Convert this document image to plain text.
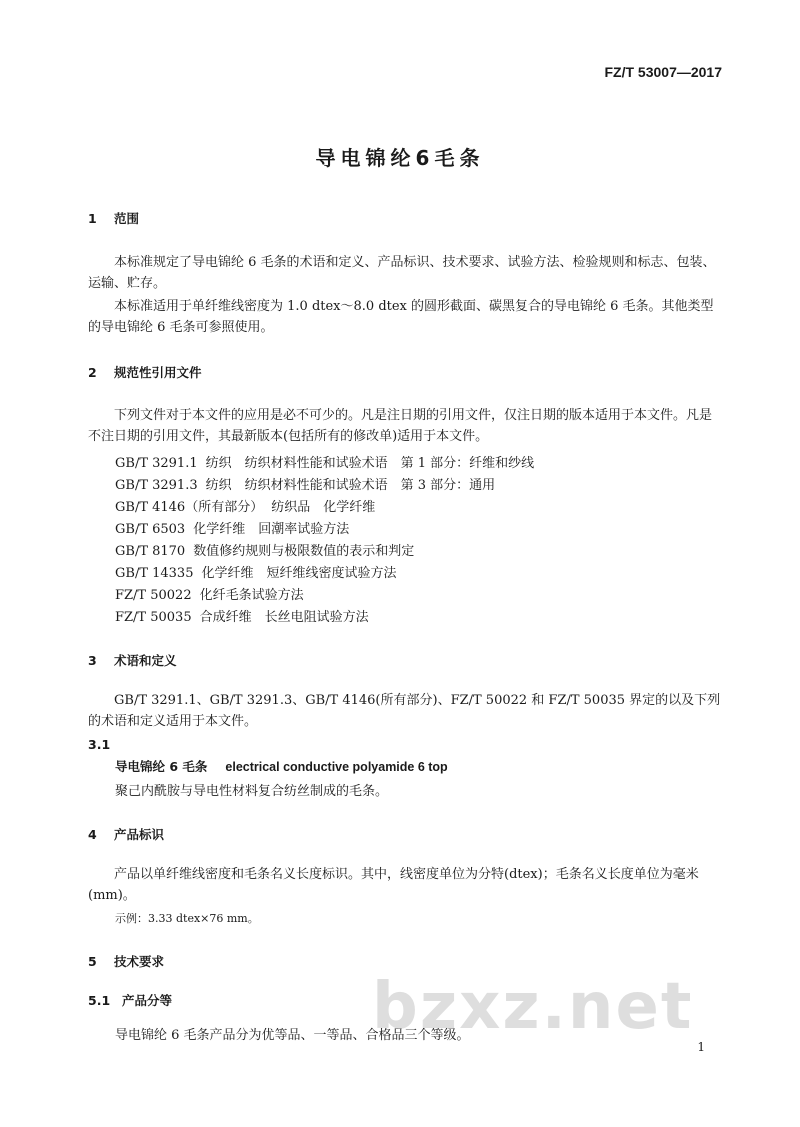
FZ/T 53007—2017
导电锦纶6毛条
1 范围
本标准规定了导电锦纶 6 毛条的术语和定义、产品标识、技术要求、试验方法、检验规则和标志、包装、运输、贮存。
本标准适用于单纤维线密度为 1.0 dtex～8.0 dtex 的圆形截面、碳黑复合的导电锦纶 6 毛条。其他类型的导电锦纶 6 毛条可参照使用。
2 规范性引用文件
下列文件对于本文件的应用是必不可少的。凡是注日期的引用文件，仅注日期的版本适用于本文件。凡是不注日期的引用文件，其最新版本(包括所有的修改单)适用于本文件。
GB/T 3291.1 纺织　纺织材料性能和试验术语　第 1 部分：纤维和纱线
GB/T 3291.3 纺织　纺织材料性能和试验术语　第 3 部分：通用
GB/T 4146（所有部分） 纺织品　化学纤维
GB/T 6503 化学纤维　回潮率试验方法
GB/T 8170 数值修约规则与极限数值的表示和判定
GB/T 14335 化学纤维　短纤维线密度试验方法
FZ/T 50022 化纤毛条试验方法
FZ/T 50035 合成纤维　长丝电阻试验方法
3 术语和定义
GB/T 3291.1、GB/T 3291.3、GB/T 4146(所有部分)、FZ/T 50022 和 FZ/T 50035 界定的以及下列的术语和定义适用于本文件。
3.1
导电锦纶 6 毛条 electrical conductive polyamide 6 top
聚己内酰胺与导电性材料复合纺丝制成的毛条。
4 产品标识
产品以单纤维线密度和毛条名义长度标识。其中，线密度单位为分特(dtex)；毛条名义长度单位为毫米(mm)。
示例：3.33 dtex×76 mm。
5 技术要求
5.1 产品分等
导电锦纶 6 毛条产品分为优等品、一等品、合格品三个等级。
bzxz.net
1
